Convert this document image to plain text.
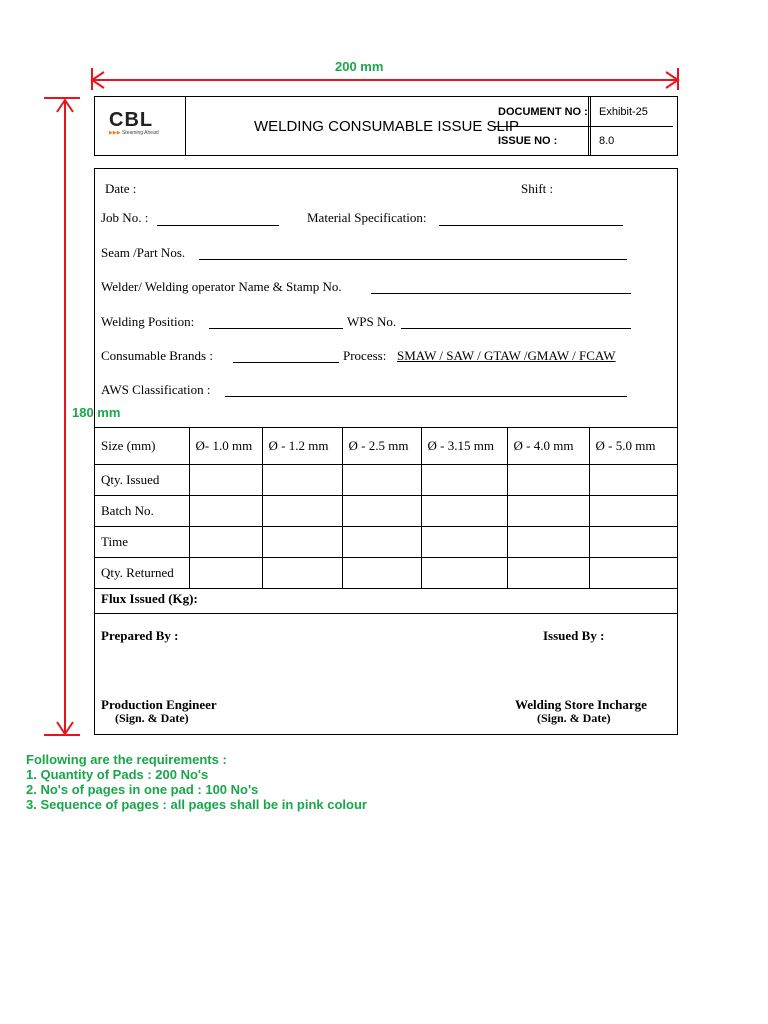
200 mm
180 mm
CBL
▶▶▶ Steaming Ahead	WELDING CONSUMABLE ISSUE SLIP
DOCUMENT NO :	Exhibit-25
ISSUE NO :	8.0
Date :	Shift :
Job No. :	Material Specification:
Seam /Part Nos.
Welder/ Welding operator Name & Stamp No.
Welding Position:	WPS No.
Consumable Brands :	Process: SMAW / SAW / GTAW /GMAW / FCAW
AWS Classification :
Size (mm)	Ø- 1.0 mm	Ø - 1.2 mm	Ø - 2.5 mm	Ø - 3.15 mm	Ø - 4.0 mm	Ø - 5.0 mm
Qty. Issued						
Batch No.						
Time						
Qty. Returned						
Flux Issued (Kg):
Prepared By :	Issued By :
Production Engineer
(Sign. & Date)
Welding Store Incharge
(Sign. & Date)
Following are the requirements :
1. Quantity of Pads : 200 No's
2. No's of pages in one pad : 100 No's
3. Sequence of pages : all pages shall be in pink colour
